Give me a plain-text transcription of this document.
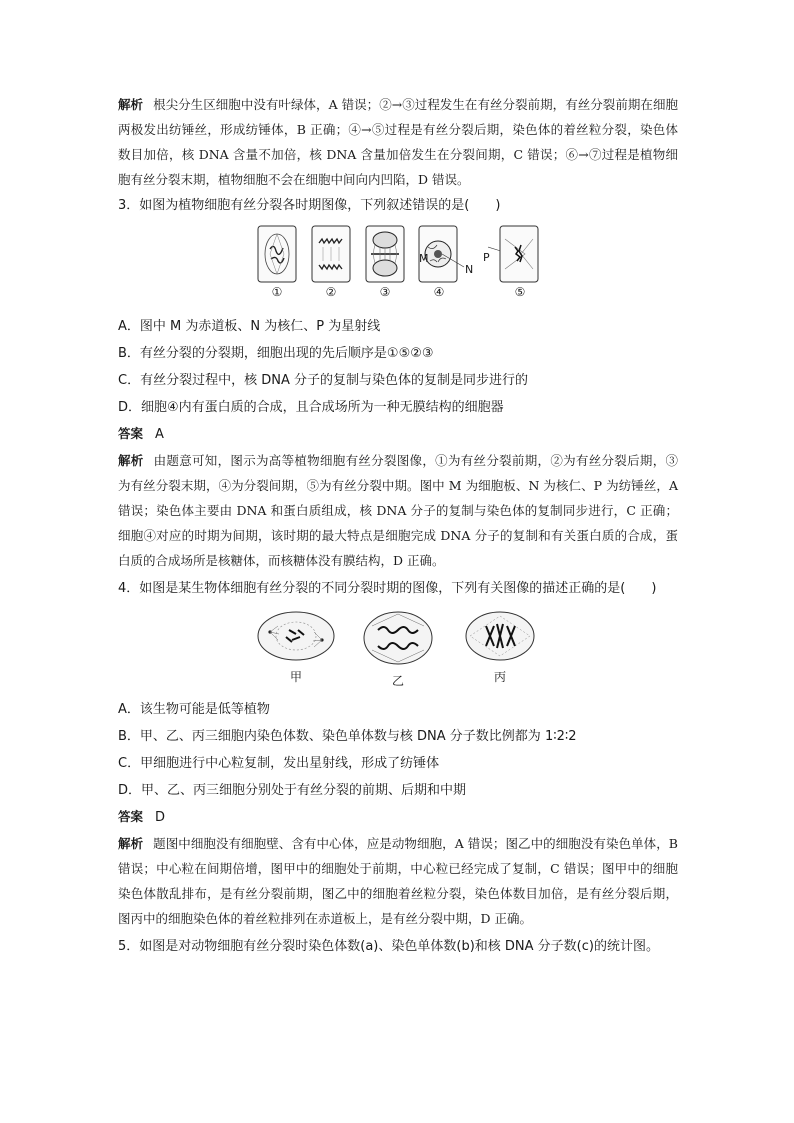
解析 根尖分生区细胞中没有叶绿体，A 错误；②→③过程发生在有丝分裂前期，有丝分裂前期在细胞两极发出纺锤丝，形成纺锤体，B 正确；④→⑤过程是有丝分裂后期，染色体的着丝粒分裂，染色体数目加倍，核 DNA 含量不加倍，核 DNA 含量加倍发生在分裂间期，C 错误；⑥→⑦过程是植物细胞有丝分裂末期，植物细胞不会在细胞中间向内凹陷，D 错误。

3．如图为植物细胞有丝分裂各时期图像，下列叙述错误的是(　　)

①	②	③
N
④	⑤
M	P

A．图中 M 为赤道板、N 为核仁、P 为星射线

B．有丝分裂的分裂期，细胞出现的先后顺序是①⑤②③

C．有丝分裂过程中，核 DNA 分子的复制与染色体的复制是同步进行的

D．细胞④内有蛋白质的合成，且合成场所为一种无膜结构的细胞器

答案 A

解析 由题意可知，图示为高等植物细胞有丝分裂图像，①为有丝分裂前期，②为有丝分裂后期，③为有丝分裂末期，④为分裂间期，⑤为有丝分裂中期。图中 M 为细胞板、N 为核仁、P 为纺锤丝，A 错误；染色体主要由 DNA 和蛋白质组成，核 DNA 分子的复制与染色体的复制同步进行，C 正确；细胞④对应的时期为间期，该时期的最大特点是细胞完成 DNA 分子的复制和有关蛋白质的合成，蛋白质的合成场所是核糖体，而核糖体没有膜结构，D 正确。

4．如图是某生物体细胞有丝分裂的不同分裂时期的图像，下列有关图像的描述正确的是(　　)

甲	乙	丙

A．该生物可能是低等植物

B．甲、乙、丙三细胞内染色体数、染色单体数与核 DNA 分子数比例都为 1∶2∶2

C．甲细胞进行中心粒复制，发出星射线，形成了纺锤体

D．甲、乙、丙三细胞分别处于有丝分裂的前期、后期和中期

答案 D

解析 题图中细胞没有细胞壁、含有中心体，应是动物细胞，A 错误；图乙中的细胞没有染色单体，B 错误；中心粒在间期倍增，图甲中的细胞处于前期，中心粒已经完成了复制，C 错误；图甲中的细胞染色体散乱排布，是有丝分裂前期，图乙中的细胞着丝粒分裂，染色体数目加倍，是有丝分裂后期，图丙中的细胞染色体的着丝粒排列在赤道板上，是有丝分裂中期，D 正确。

5．如图是对动物细胞有丝分裂时染色体数(a)、染色单体数(b)和核 DNA 分子数(c)的统计图。
